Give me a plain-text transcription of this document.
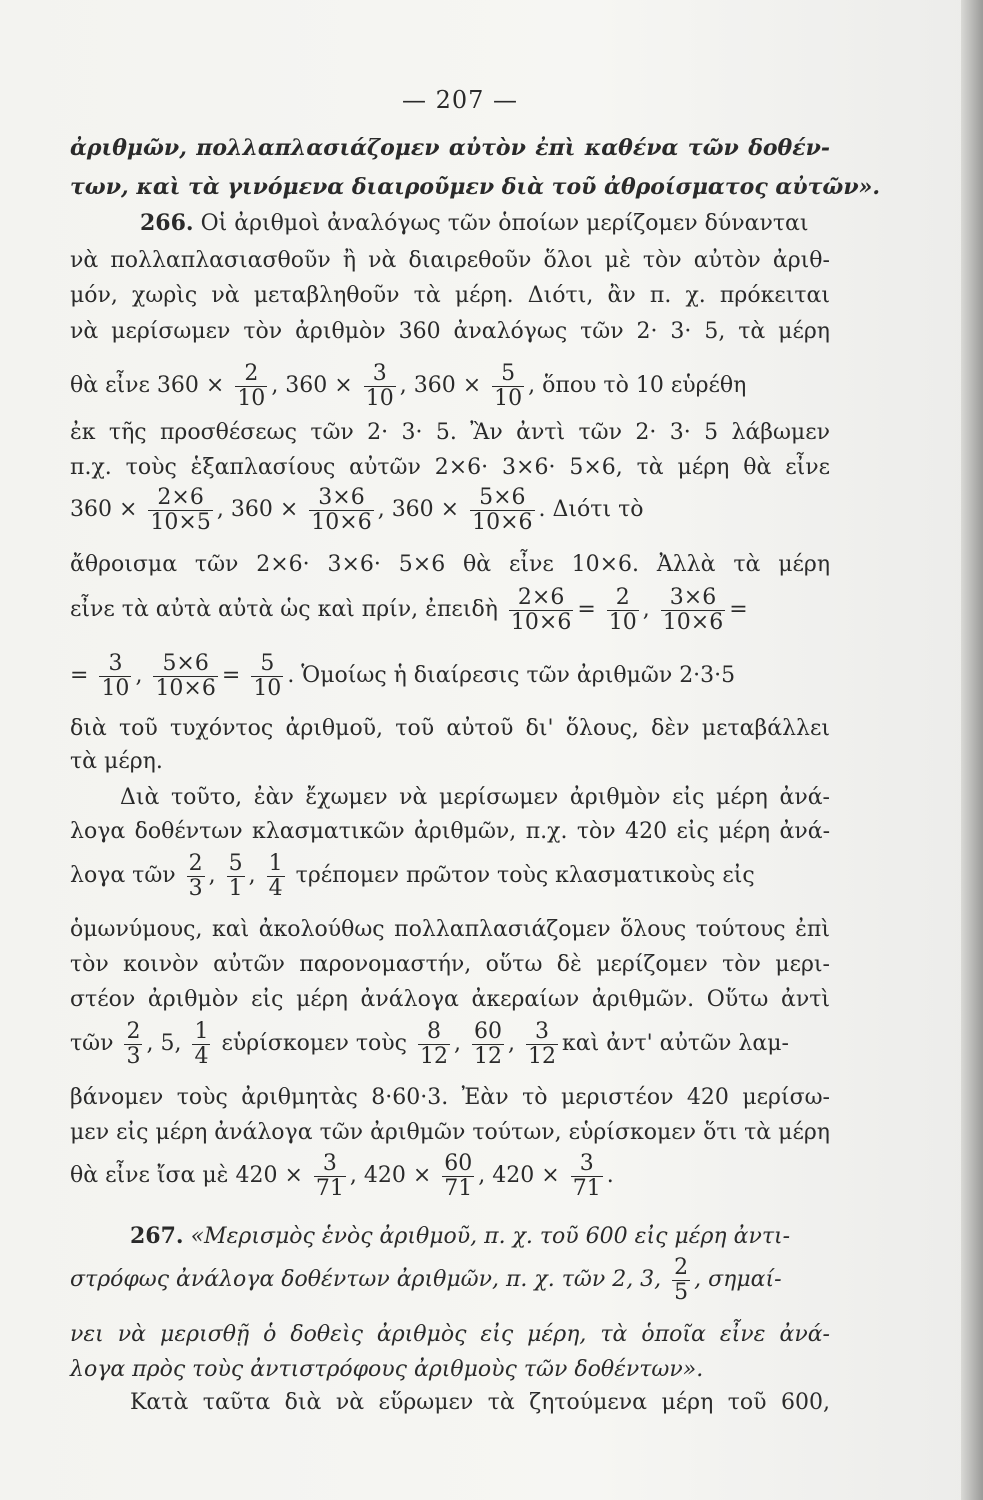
— 207 —
ἀριθμῶν, πολλαπλασιάζομεν αὐτὸν ἐπὶ καθένα τῶν δοθέν-
των, καὶ τὰ γινόμενα διαιροῦμεν διὰ τοῦ ἀθροίσματος αὐτῶν».
266. Οἱ ἀριθμοὶ ἀναλόγως τῶν ὁποίων μερίζομεν δύνανται
νὰ πολλαπλασιασθοῦν ἢ νὰ διαιρεθοῦν ὅλοι μὲ τὸν αὐτὸν ἀριθ-
μόν, χωρὶς νὰ μεταβληθοῦν τὰ μέρη. Διότι, ἂν π. χ. πρόκειται
νὰ μερίσωμεν τὸν ἀριθμὸν 360 ἀναλόγως τῶν 2· 3· 5, τὰ μέρη
θὰ εἶνε $360 \times \frac{2}{10}$ , $360 \times \frac{3}{10}$ , $360 \times \frac{5}{10}$ , ὅπου τὸ 10 εὑρέθη
ἐκ τῆς προσθέσεως τῶν 2· 3· 5. Ἂν ἀντὶ τῶν 2· 3· 5 λάβωμεν
π.χ. τοὺς ἑξαπλασίους αὐτῶν 2×6· 3×6· 5×6, τὰ μέρη θὰ εἶνε
$360 \times \frac{2\times 6}{10\times 5}$ , $360 \times \frac{3\times 6}{10\times 6}$ , $360 \times \frac{5\times 6}{10\times 6}$ . Διότι τὸ
ἄθροισμα τῶν 2×6· 3×6· 5×6 θὰ εἶνε 10×6. Ἀλλὰ τὰ μέρη
εἶνε τὰ αὐτὰ αὐτὰ ὡς καὶ πρίν, ἐπειδὴ $\frac{2\times 6}{10\times 6} = \frac{2}{10}$ , $\frac{3\times 6}{10\times 6}$ =
= $\frac{3}{10}$ , $\frac{5\times 6}{10\times 6} = \frac{5}{10}$ . Ὁμοίως ἡ διαίρεσις τῶν ἀριθμῶν 2·3·5
διὰ τοῦ τυχόντος ἀριθμοῦ, τοῦ αὐτοῦ δι' ὅλους, δὲν μεταβάλλει
τὰ μέρη.
Διὰ τοῦτο, ἐὰν ἔχωμεν νὰ μερίσωμεν ἀριθμὸν εἰς μέρη ἀνά-
λογα δοθέντων κλασματικῶν ἀριθμῶν, π.χ. τὸν 420 εἰς μέρη ἀνά-
λογα τῶν $\frac{2}{3}$ , $\frac{5}{1}$ , $\frac{1}{4}$ τρέπομεν πρῶτον τοὺς κλασματικοὺς εἰς
ὁμωνύμους, καὶ ἀκολούθως πολλαπλασιάζομεν ὅλους τούτους ἐπὶ
τὸν κοινὸν αὐτῶν παρονομαστήν, οὕτω δὲ μερίζομεν τὸν μερι-
στέον ἀριθμὸν εἰς μέρη ἀνάλογα ἀκεραίων ἀριθμῶν. Οὕτω ἀντὶ
τῶν $\frac{2}{3}$ , 5, $\frac{1}{4}$ εὑρίσκομεν τοὺς $\frac{8}{12}$ , $\frac{60}{12}$ , $\frac{3}{12}$ καὶ ἀντ' αὐτῶν λαμ-
βάνομεν τοὺς ἀριθμητὰς 8·60·3. Ἐὰν τὸ μεριστέον 420 μερίσω-
μεν εἰς μέρη ἀνάλογα τῶν ἀριθμῶν τούτων, εὑρίσκομεν ὅτι τὰ μέρη
θὰ εἶνε ἴσα μὲ $420 \times \frac{3}{71}$ , $420 \times \frac{60}{71}$ , $420 \times \frac{3}{71}$ .
267. «Μερισμὸς ἑνὸς ἀριθμοῦ, π. χ. τοῦ 600 εἰς μέρη ἀντι-
στρόφως ἀνάλογα δοθέντων ἀριθμῶν, π. χ. τῶν 2, 3, $\frac{2}{5}$ , σημαί-
νει νὰ μερισθῇ ὁ δοθεὶς ἀριθμὸς εἰς μέρη, τὰ ὁποῖα εἶνε ἀνά-
λογα πρὸς τοὺς ἀντιστρόφους ἀριθμοὺς τῶν δοθέντων».
Κατὰ ταῦτα διὰ νὰ εὕρωμεν τὰ ζητούμενα μέρη τοῦ 600,
